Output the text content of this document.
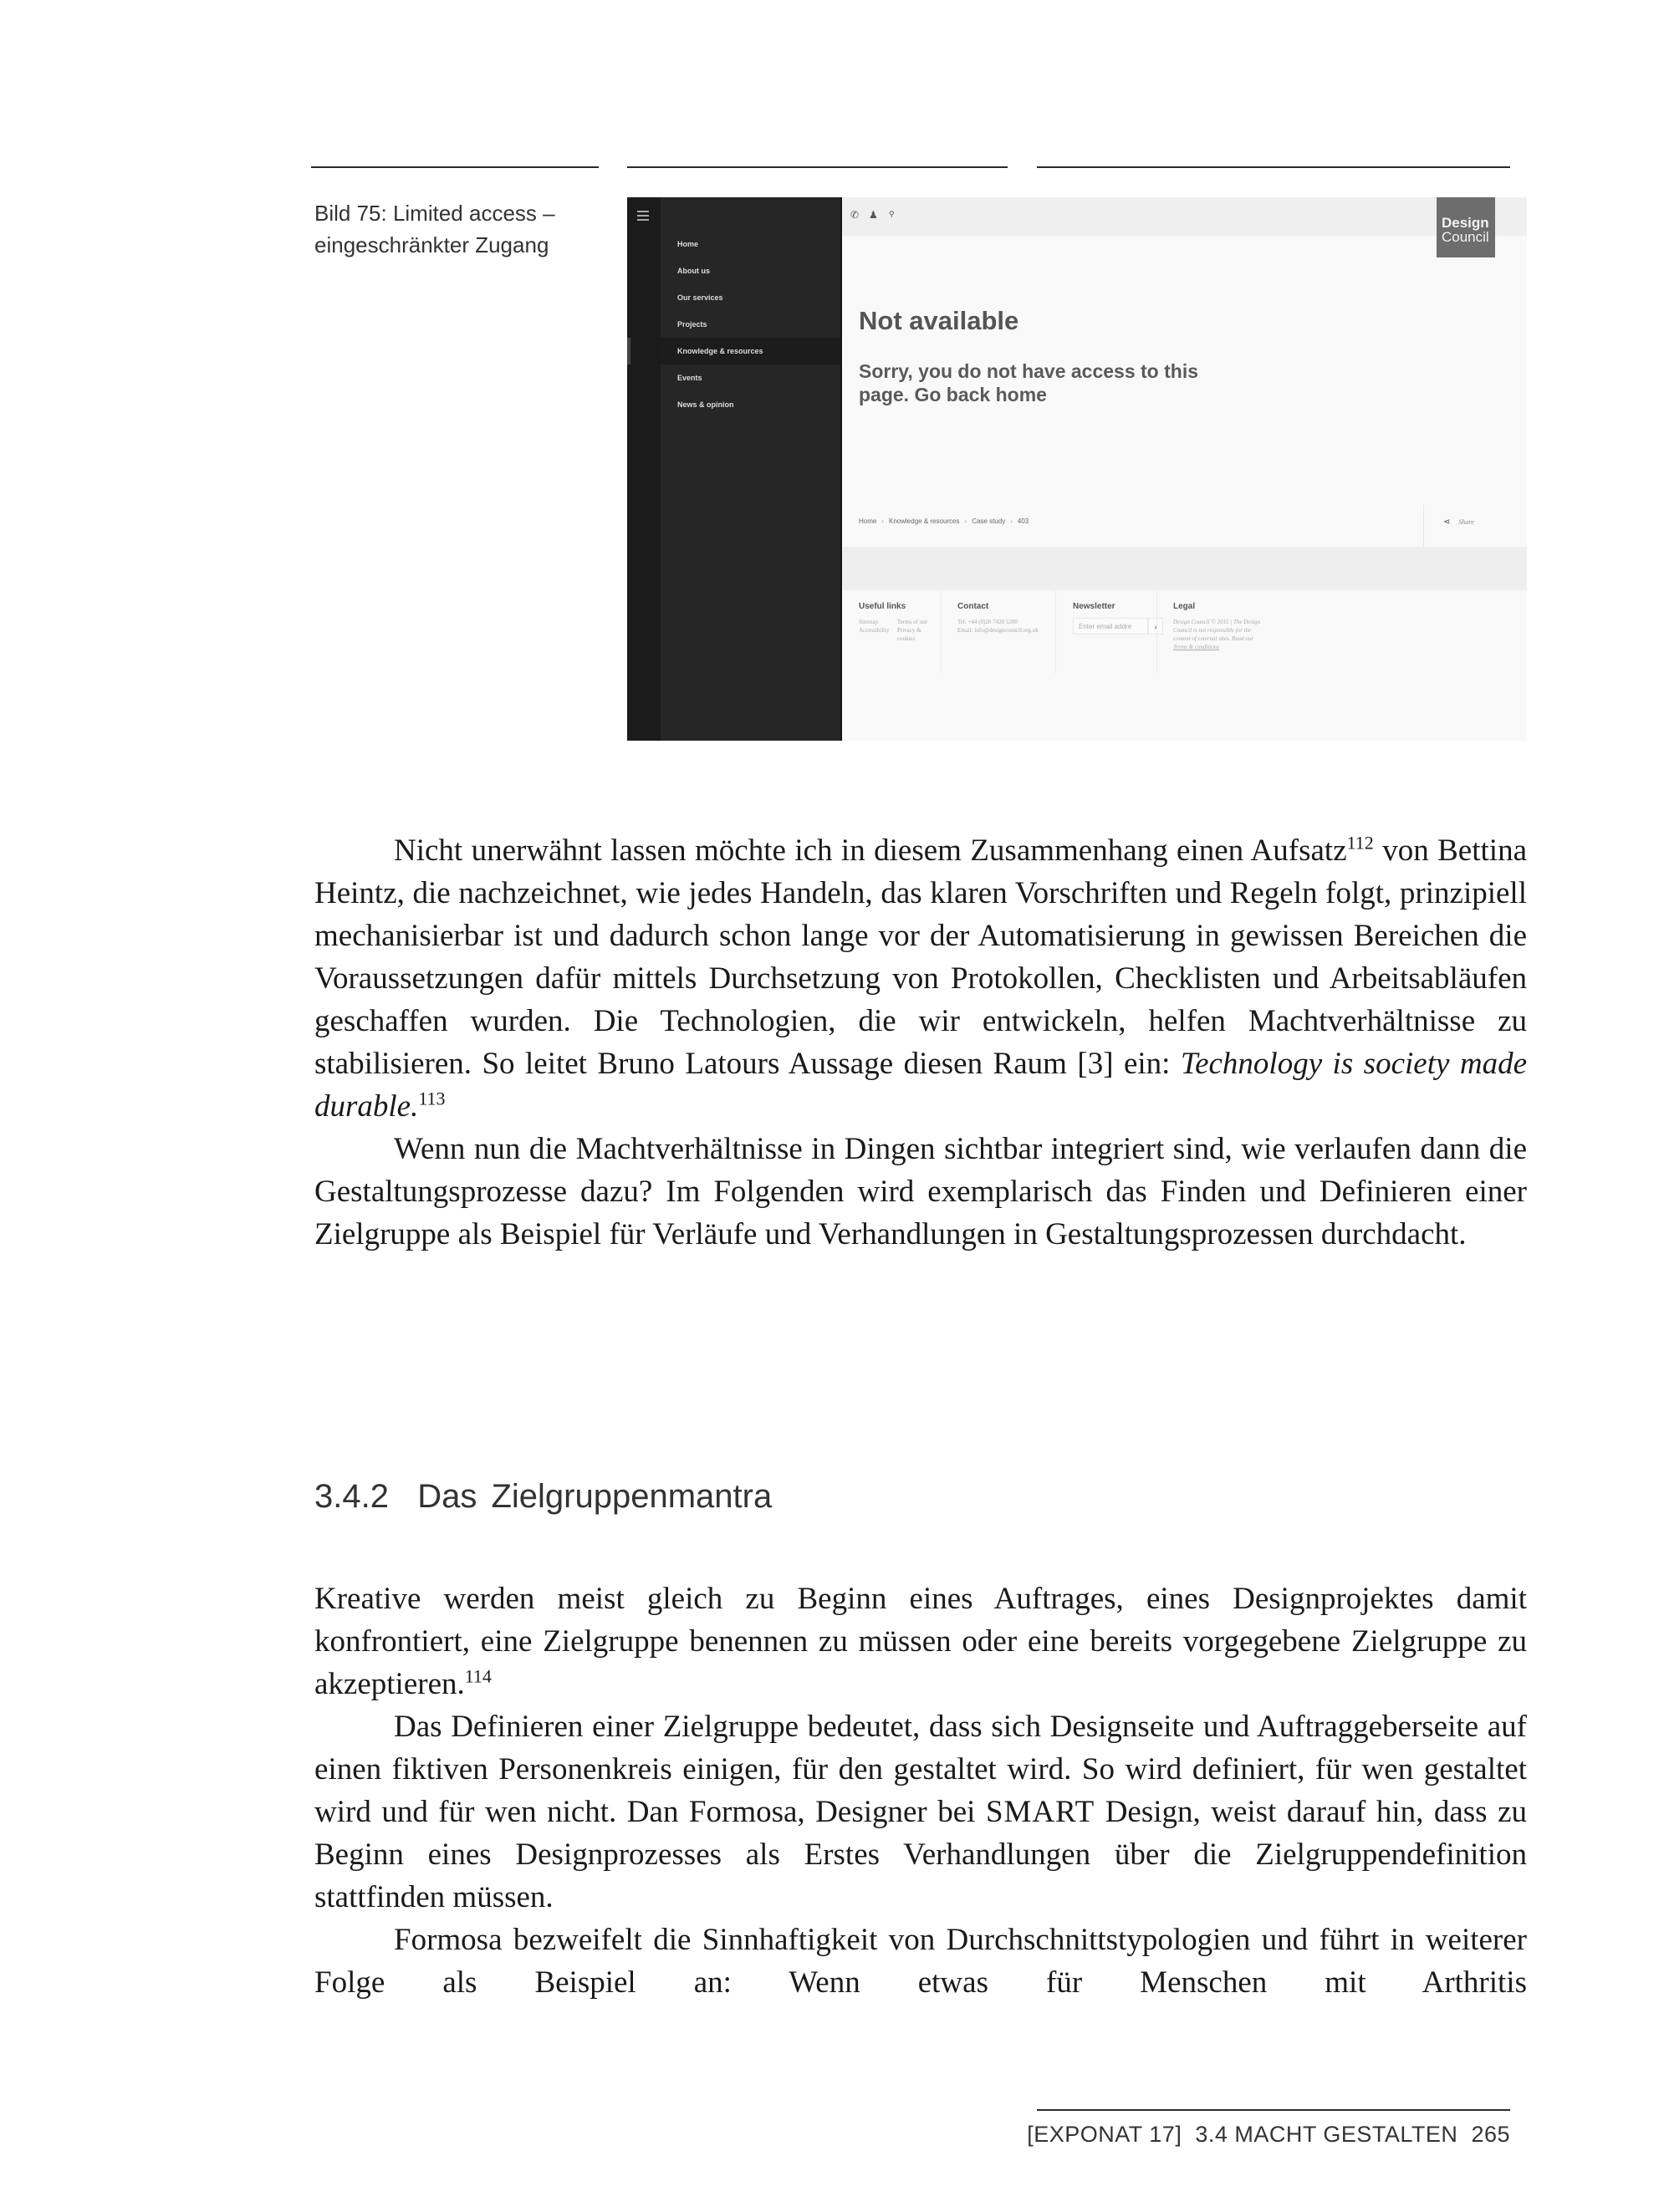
Bild 75: Limited access –
eingeschränkter Zugang	Home
About us
Our services
Projects
Knowledge & resources
Events
News & opinion
✆ ♟ ⚲	Design
Council
Not available
Sorry, you do not have access to this page. Go back home
Home › Knowledge & resources › Case study › 403	⋖ Share
Useful links
Sitemap
Accessibility
Terms of use
Privacy & cookies
Contact
Tel: +44 (0)20 7420 5200
Email: info@designcouncil.org.uk
Newsletter
Enter email addre	›
Legal
Design Council © 2015 | The Design Council is not responsible for the content of external sites. Read our Terms & conditions

Nicht unerwähnt lassen möchte ich in diesem Zusammenhang einen Aufsatz$^{112}$ von Bettina Heintz, die nachzeichnet, wie jedes Handeln, das klaren Vorschriften und Regeln folgt, prinzipiell mechanisierbar ist und dadurch schon lange vor der Automatisierung in gewissen Bereichen die Voraussetzungen dafür mittels Durchsetzung von Protokollen, Checklisten und Arbeitsabläufen geschaffen wurden. Die Technologien, die wir entwickeln, helfen Machtverhältnisse zu stabilisieren. So leitet Bruno Latours Aussage diesen Raum [3] ein: Technology is society made durable.$^{113}$

Wenn nun die Machtverhältnisse in Dingen sichtbar integriert sind, wie verlaufen dann die Gestaltungsprozesse dazu? Im Folgenden wird exemplarisch das Finden und Definieren einer Zielgruppe als Beispiel für Verläufe und Verhandlungen in Gestaltungsprozessen durchdacht.

3.4.2 Das Zielgruppenmantra

Kreative werden meist gleich zu Beginn eines Auftrages, eines Designprojektes damit konfrontiert, eine Zielgruppe benennen zu müssen oder eine bereits vorgegebene Zielgruppe zu akzeptieren.$^{114}$

Das Definieren einer Zielgruppe bedeutet, dass sich Designseite und Auftraggeberseite auf einen fiktiven Personenkreis einigen, für den gestaltet wird. So wird definiert, für wen gestaltet wird und für wen nicht. Dan Formosa, Designer bei SMART Design, weist darauf hin, dass zu Beginn eines Designprozesses als Erstes Verhandlungen über die Zielgruppendefinition stattfinden müssen.

Formosa bezweifelt die Sinnhaftigkeit von Durchschnittstypologien und führt in weiterer Folge als Beispiel an: Wenn etwas für Menschen mit Arthritis

[EXPONAT 17] 3.4 MACHT GESTALTEN 265
